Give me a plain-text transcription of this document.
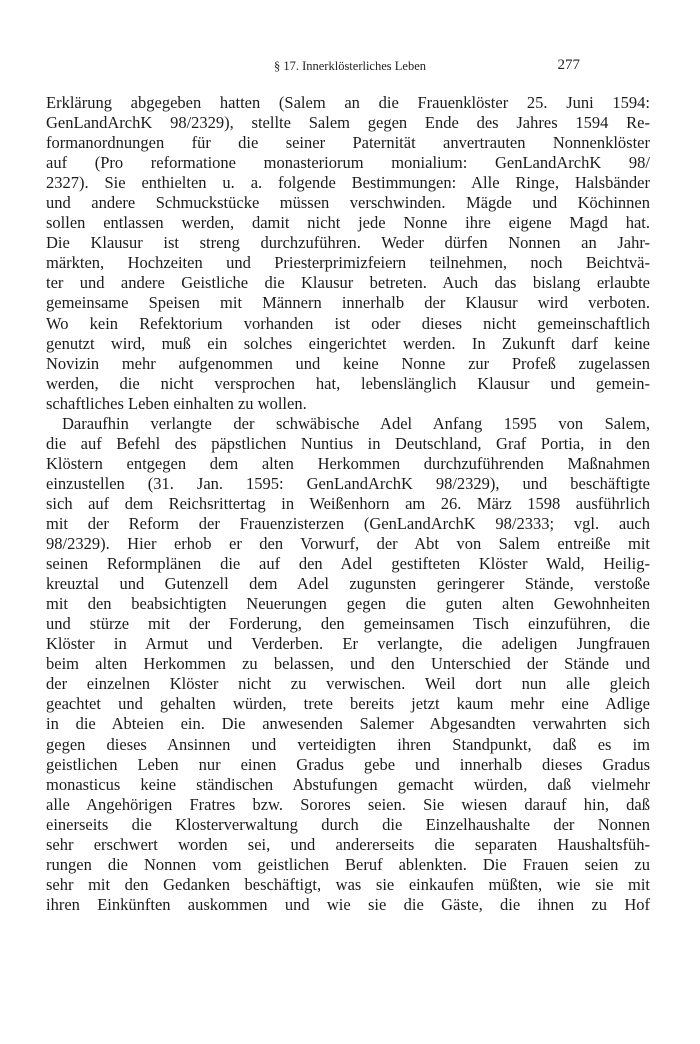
§ 17. Innerklösterliches Leben	277
Erklärung abgegeben hatten (Salem an die Frauenklöster 25. Juni 1594:
GenLandArchK 98/2329), stellte Salem gegen Ende des Jahres 1594 Re-
formanordnungen für die seiner Paternität anvertrauten Nonnenklöster
auf (Pro reformatione monasteriorum monialium: GenLandArchK 98/
2327). Sie enthielten u. a. folgende Bestimmungen: Alle Ringe, Halsbänder
und andere Schmuckstücke müssen verschwinden. Mägde und Köchinnen
sollen entlassen werden, damit nicht jede Nonne ihre eigene Magd hat.
Die Klausur ist streng durchzuführen. Weder dürfen Nonnen an Jahr-
märkten, Hochzeiten und Priesterprimizfeiern teilnehmen, noch Beichtvä-
ter und andere Geistliche die Klausur betreten. Auch das bislang erlaubte
gemeinsame Speisen mit Männern innerhalb der Klausur wird verboten.
Wo kein Refektorium vorhanden ist oder dieses nicht gemeinschaftlich
genutzt wird, muß ein solches eingerichtet werden. In Zukunft darf keine
Novizin mehr aufgenommen und keine Nonne zur Profeß zugelassen
werden, die nicht versprochen hat, lebenslänglich Klausur und gemein-
schaftliches Leben einhalten zu wollen.
Daraufhin verlangte der schwäbische Adel Anfang 1595 von Salem,
die auf Befehl des päpstlichen Nuntius in Deutschland, Graf Portia, in den
Klöstern entgegen dem alten Herkommen durchzuführenden Maßnahmen
einzustellen (31. Jan. 1595: GenLandArchK 98/2329), und beschäftigte
sich auf dem Reichsrittertag in Weißenhorn am 26. März 1598 ausführlich
mit der Reform der Frauenzisterzen (GenLandArchK 98/2333; vgl. auch
98/2329). Hier erhob er den Vorwurf, der Abt von Salem entreiße mit
seinen Reformplänen die auf den Adel gestifteten Klöster Wald, Heilig-
kreuztal und Gutenzell dem Adel zugunsten geringerer Stände, verstoße
mit den beabsichtigten Neuerungen gegen die guten alten Gewohnheiten
und stürze mit der Forderung, den gemeinsamen Tisch einzuführen, die
Klöster in Armut und Verderben. Er verlangte, die adeligen Jungfrauen
beim alten Herkommen zu belassen, und den Unterschied der Stände und
der einzelnen Klöster nicht zu verwischen. Weil dort nun alle gleich
geachtet und gehalten würden, trete bereits jetzt kaum mehr eine Adlige
in die Abteien ein. Die anwesenden Salemer Abgesandten verwahrten sich
gegen dieses Ansinnen und verteidigten ihren Standpunkt, daß es im
geistlichen Leben nur einen Gradus gebe und innerhalb dieses Gradus
monasticus keine ständischen Abstufungen gemacht würden, daß vielmehr
alle Angehörigen Fratres bzw. Sorores seien. Sie wiesen darauf hin, daß
einerseits die Klosterverwaltung durch die Einzelhaushalte der Nonnen
sehr erschwert worden sei, und andererseits die separaten Haushaltsfüh-
rungen die Nonnen vom geistlichen Beruf ablenkten. Die Frauen seien zu
sehr mit den Gedanken beschäftigt, was sie einkaufen müßten, wie sie mit
ihren Einkünften auskommen und wie sie die Gäste, die ihnen zu Hof
